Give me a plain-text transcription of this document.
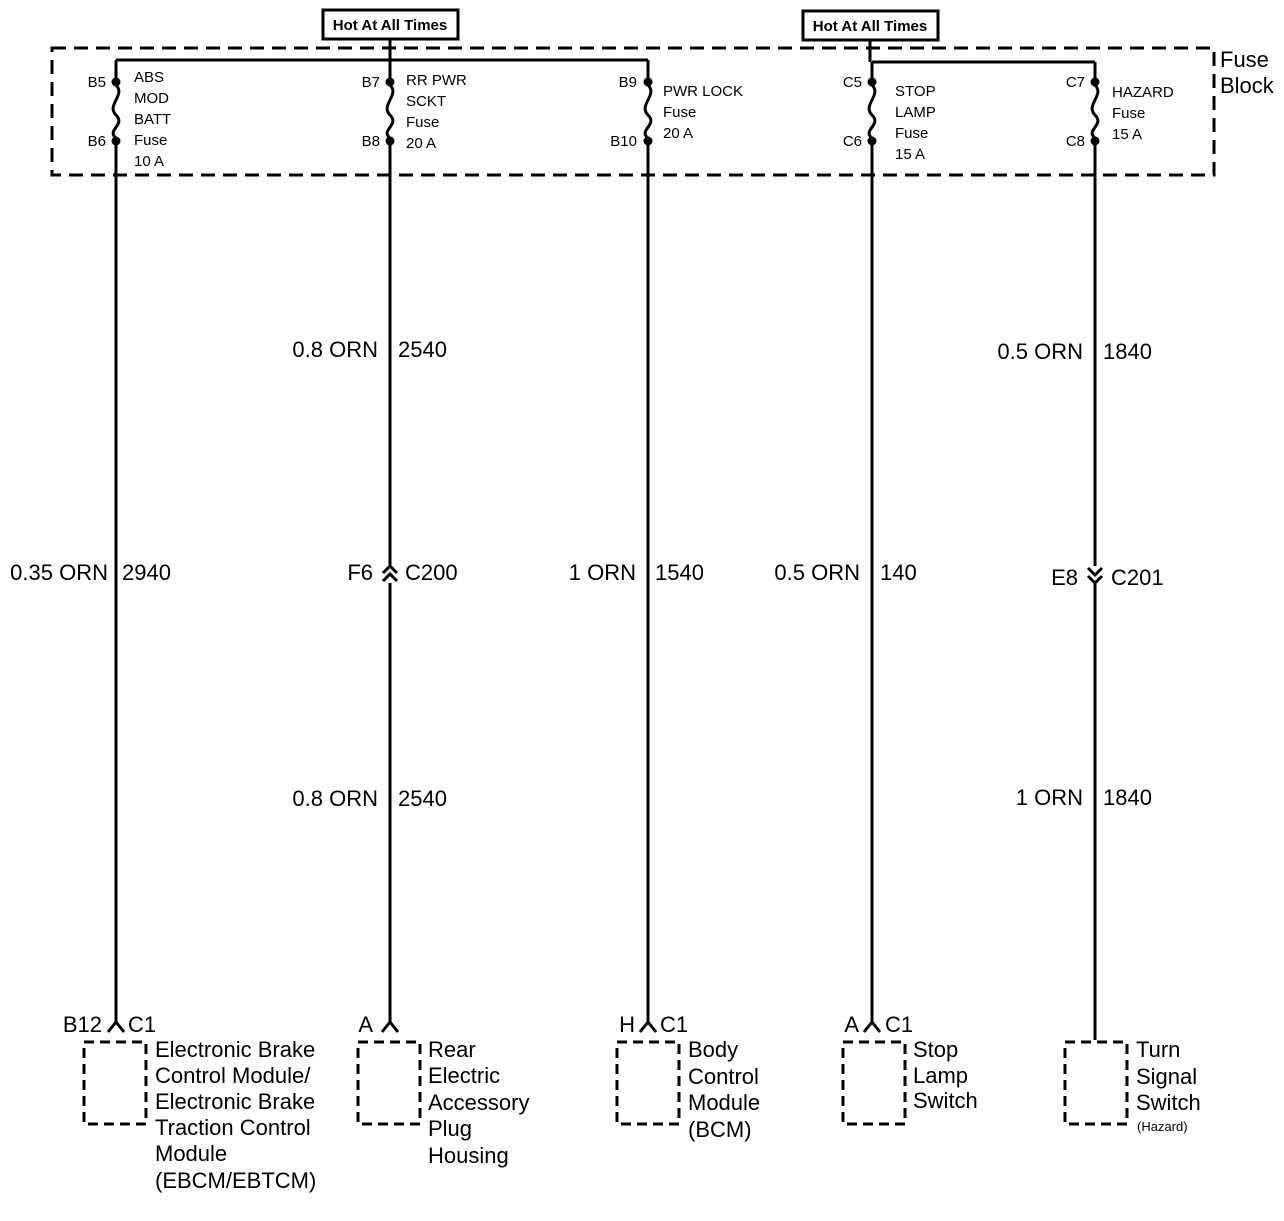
Hot At All Times	Hot At All Times
Fuse
Block
B5
B6
B7
B8
B9
B10
C5
C6
C7
C8
ABS
MOD
BATT
Fuse
10 A
RR PWR
SCKT
Fuse
20 A
PWR LOCK
Fuse
20 A
STOP
LAMP
Fuse
15 A
HAZARD
Fuse
15 A
0.8 ORN 2540	0.5 ORN 1840
0.35 ORN 2940	1 ORN 1540	0.5 ORN 140
F6 C200	E8 C201
0.8 ORN 2540	1 ORN 1840
B12 C1	A	H C1	A C1
Electronic Brake
Control Module/
Electronic Brake
Traction Control
Module
(EBCM/EBTCM)
Rear
Electric
Accessory
Plug
Housing
Body
Control
Module
(BCM)
Stop
Lamp
Switch
Turn
Signal
Switch
(Hazard)
